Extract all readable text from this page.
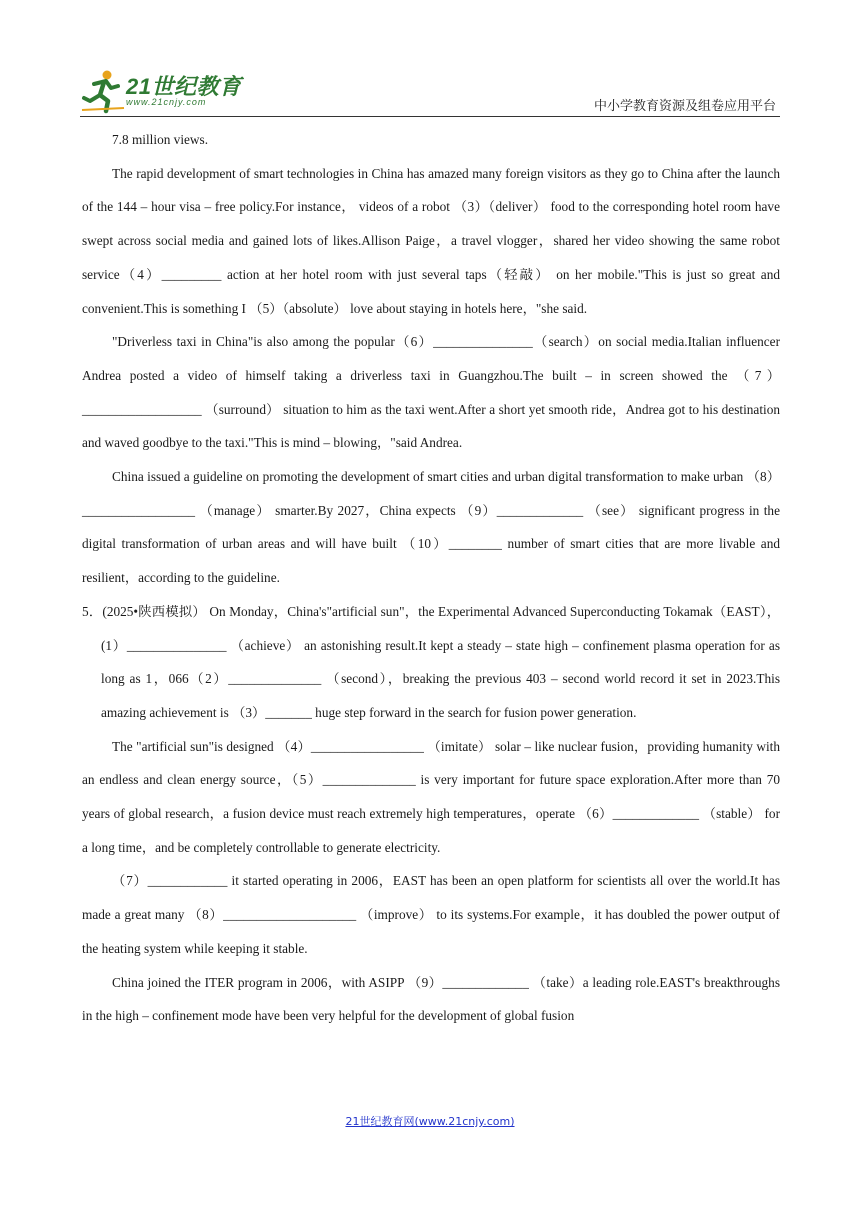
21世纪教育
www.21cnjy.com	中小学教育资源及组卷应用平台

7.8 million views.

The rapid development of smart technologies in China has amazed many foreign visitors as they go to China after the launch of the 144 – hour visa – free policy.For instance， videos of a robot （3）（deliver） food to the corresponding hotel room have swept across social media and gained lots of likes.Allison Paige，a travel vlogger，shared her video showing the same robot service（4）_________ action at her hotel room with just several taps（轻敲） on her mobile."This is just so great and convenient.This is something I （5）（absolute） love about staying in hotels here，"she said.

"Driverless taxi in China"is also among the popular（6）_______________（search）on social media.Italian influencer Andrea posted a video of himself taking a driverless taxi in Guangzhou.The built – in screen showed the （7）__________________ （surround） situation to him as the taxi went.After a short yet smooth ride，Andrea got to his destination and waved goodbye to the taxi."This is mind – blowing，"said Andrea.

China issued a guideline on promoting the development of smart cities and urban digital transformation to make urban （8）_________________ （manage） smarter.By 2027，China expects （9）_____________ （see） significant progress in the digital transformation of urban areas and will have built （10）________ number of smart cities that are more livable and resilient，according to the guideline.

5．(2025•陕西模拟） On Monday，China's"artificial sun"，the Experimental Advanced Superconducting Tokamak（EAST），(1）_______________ （achieve） an astonishing result.It kept a steady – state high – confinement plasma operation for as long as 1，066（2）______________ （second），breaking the previous 403 – second world record it set in 2023.This amazing achievement is （3）_______ huge step forward in the search for fusion power generation.

The "artificial sun"is designed （4）_________________ （imitate） solar – like nuclear fusion，providing humanity with an endless and clean energy source，（5）______________ is very important for future space exploration.After more than 70 years of global research，a fusion device must reach extremely high temperatures，operate （6）_____________ （stable） for a long time，and be completely controllable to generate electricity.

（7）____________ it started operating in 2006，EAST has been an open platform for scientists all over the world.It has made a great many （8）____________________ （improve） to its systems.For example，it has doubled the power output of the heating system while keeping it stable.

China joined the ITER program in 2006，with ASIPP （9）_____________ （take）a leading role.EAST's breakthroughs in the high – confinement mode have been very helpful for the development of global fusion

21世纪教育网(www.21cnjy.com)
